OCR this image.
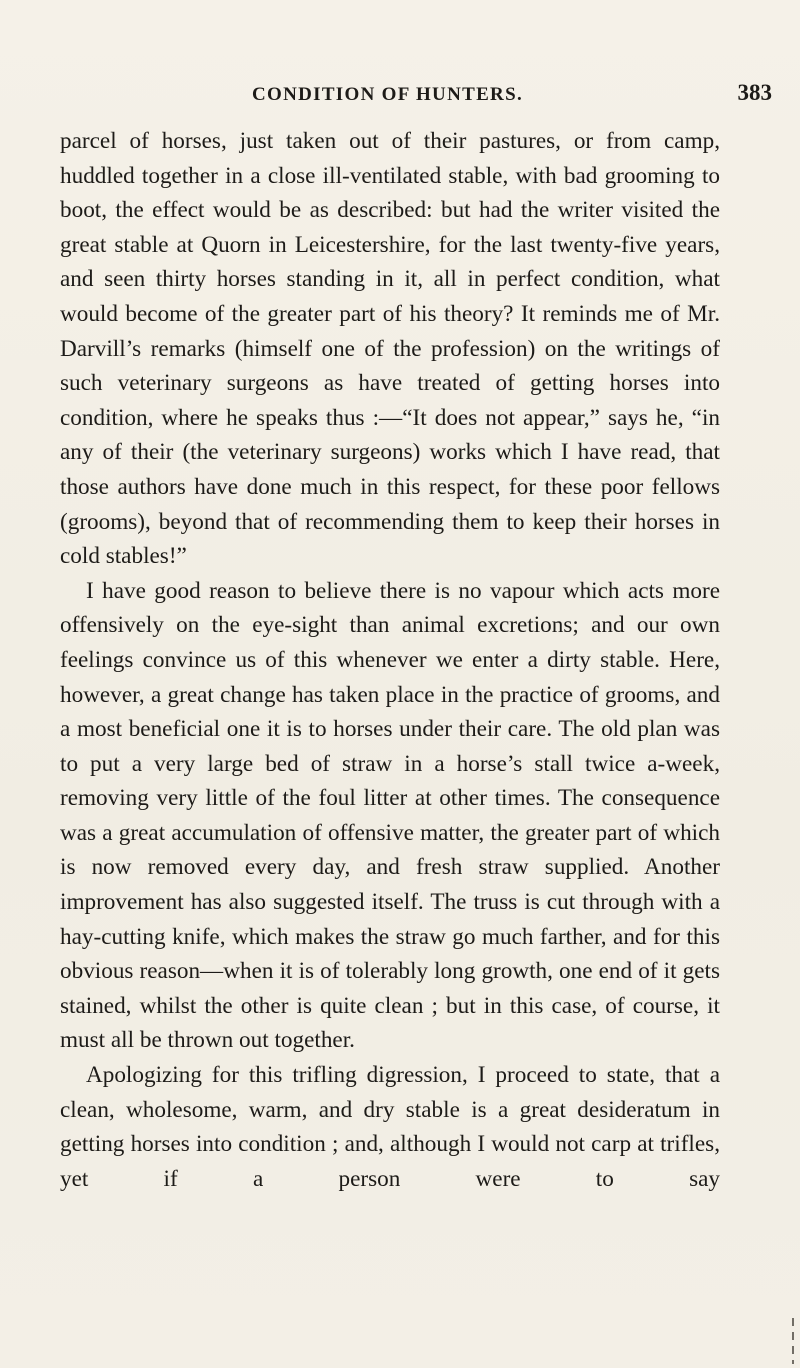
CONDITION OF HUNTERS.	383

parcel of horses, just taken out of their pastures, or from camp, huddled together in a close ill-ventilated stable, with bad grooming to boot, the effect would be as described: but had the writer visited the great stable at Quorn in Leicestershire, for the last twenty-five years, and seen thirty horses standing in it, all in perfect condition, what would become of the greater part of his theory? It reminds me of Mr. Darvill’s remarks (himself one of the profession) on the writings of such veterinary surgeons as have treated of getting horses into condition, where he speaks thus :—“It does not appear,” says he, “in any of their (the veterinary surgeons) works which I have read, that those authors have done much in this respect, for these poor fellows (grooms), beyond that of recommending them to keep their horses in cold stables!”

I have good reason to believe there is no vapour which acts more offensively on the eye-sight than animal excretions; and our own feelings convince us of this whenever we enter a dirty stable. Here, however, a great change has taken place in the practice of grooms, and a most beneficial one it is to horses under their care. The old plan was to put a very large bed of straw in a horse’s stall twice a-week, removing very little of the foul litter at other times. The consequence was a great accumulation of offensive matter, the greater part of which is now removed every day, and fresh straw supplied. Another improvement has also suggested itself. The truss is cut through with a hay-cutting knife, which makes the straw go much farther, and for this obvious reason—when it is of tolerably long growth, one end of it gets stained, whilst the other is quite clean ; but in this case, of course, it must all be thrown out together.

Apologizing for this trifling digression, I proceed to state, that a clean, wholesome, warm, and dry stable is a great desideratum in getting horses into condition ; and, although I would not carp at trifles, yet if a person were to say
